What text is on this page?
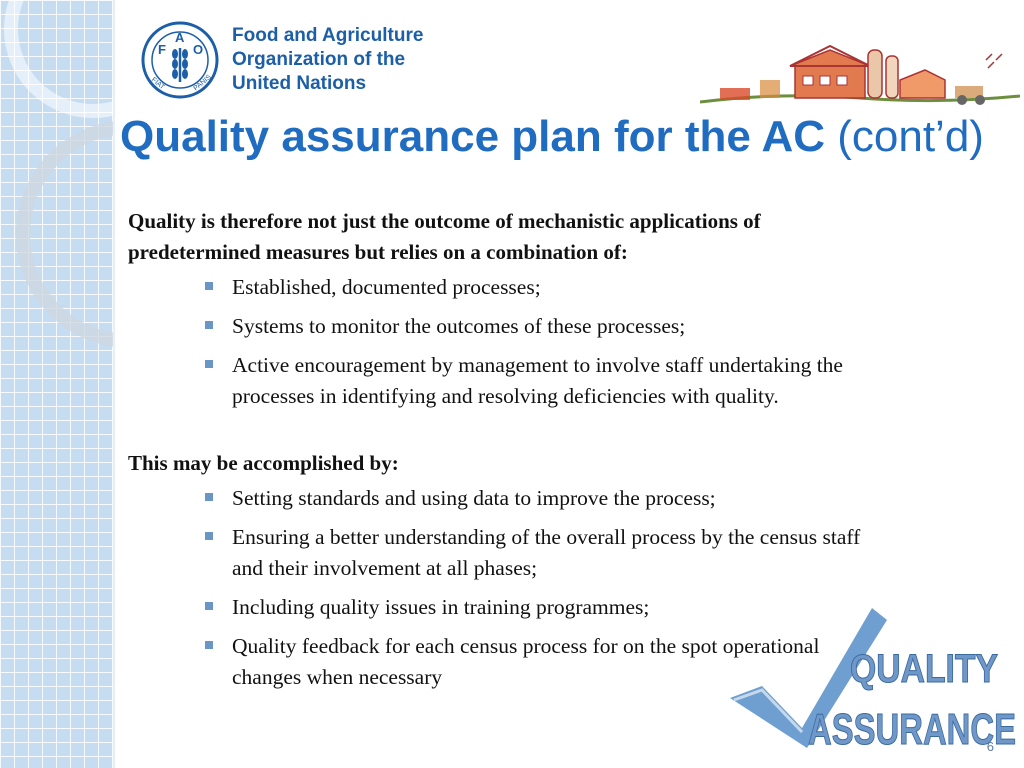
F
A
O
FIAT	PANIS
Food and Agriculture
Organization of the
United Nations
Quality assurance plan for the AC (cont’d)
Quality is therefore not just the outcome of mechanistic applications of predetermined measures but relies on a combination of:
Established, documented processes;
Systems to monitor the outcomes of these processes;
Active encouragement by management to involve staff undertaking the processes in identifying and resolving deficiencies with quality.
This may be accomplished by:
Setting standards and using data to improve the process;
Ensuring a better understanding of the overall process by the census staff and their involvement at all phases;
Including quality issues in training programmes;
Quality feedback for each census process for on the spot operational changes when necessary	QUALITY
ASSURANCE
6
